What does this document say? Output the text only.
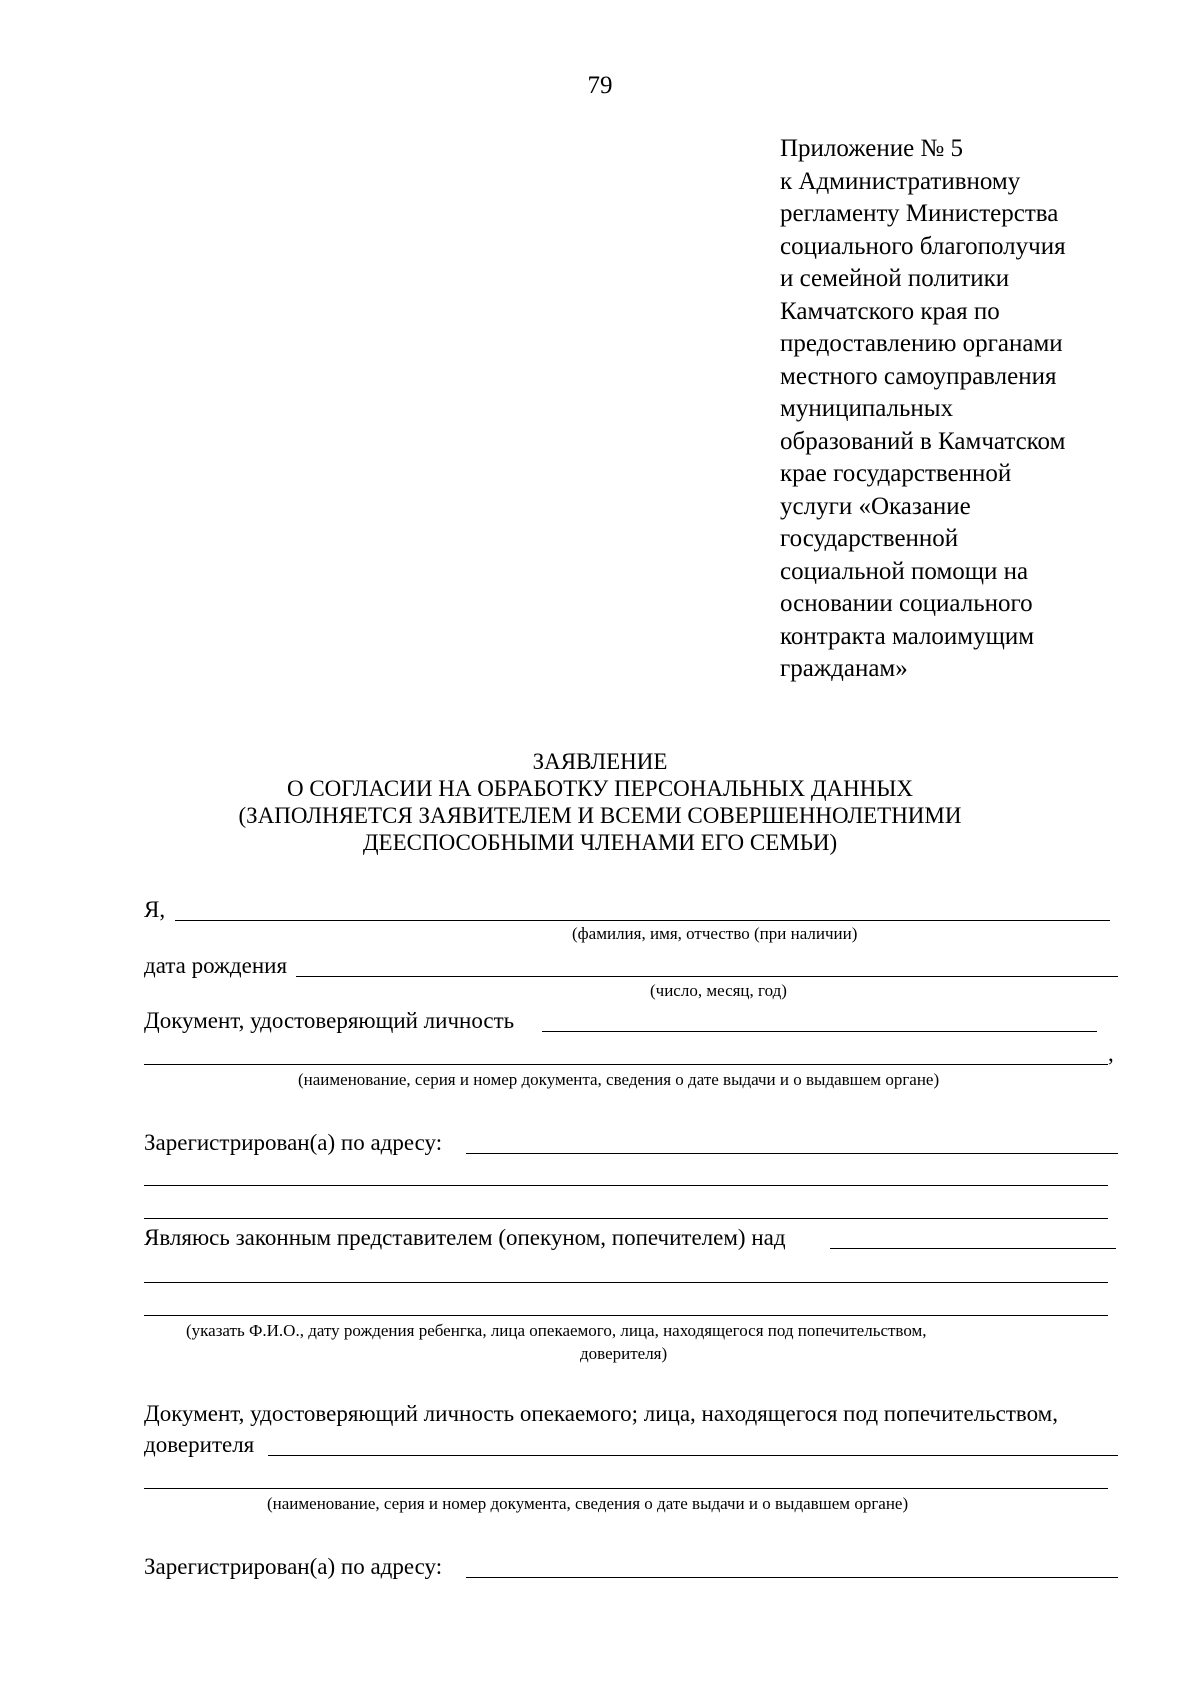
79
Приложение № 5
к Административному
регламенту Министерства
социального благополучия
и семейной политики
Камчатского края по
предоставлению органами
местного самоуправления
муниципальных
образований в Камчатском
крае государственной
услуги «Оказание
государственной
социальной помощи на
основании социального
контракта малоимущим
гражданам»
ЗАЯВЛЕНИЕ
О СОГЛАСИИ НА ОБРАБОТКУ ПЕРСОНАЛЬНЫХ ДАННЫХ
(ЗАПОЛНЯЕТСЯ ЗАЯВИТЕЛЕМ И ВСЕМИ СОВЕРШЕННОЛЕТНИМИ
ДЕЕСПОСОБНЫМИ ЧЛЕНАМИ ЕГО СЕМЬИ)
Я,
(фамилия, имя, отчество (при наличии)
дата рождения
(число, месяц, год)
Документ, удостоверяющий личность
,
(наименование, серия и номер документа, сведения о дате выдачи и о выдавшем органе)
Зарегистрирован(а) по адресу:
Являюсь законным представителем (опекуном, попечителем) над
(указать Ф.И.О., дату рождения ребенгка, лица опекаемого, лица, находящегося под попечительством,
доверителя)
Документ, удостоверяющий личность опекаемого; лица, находящегося под попечительством,
доверителя
(наименование, серия и номер документа, сведения о дате выдачи и о выдавшем органе)
Зарегистрирован(а) по адресу:
